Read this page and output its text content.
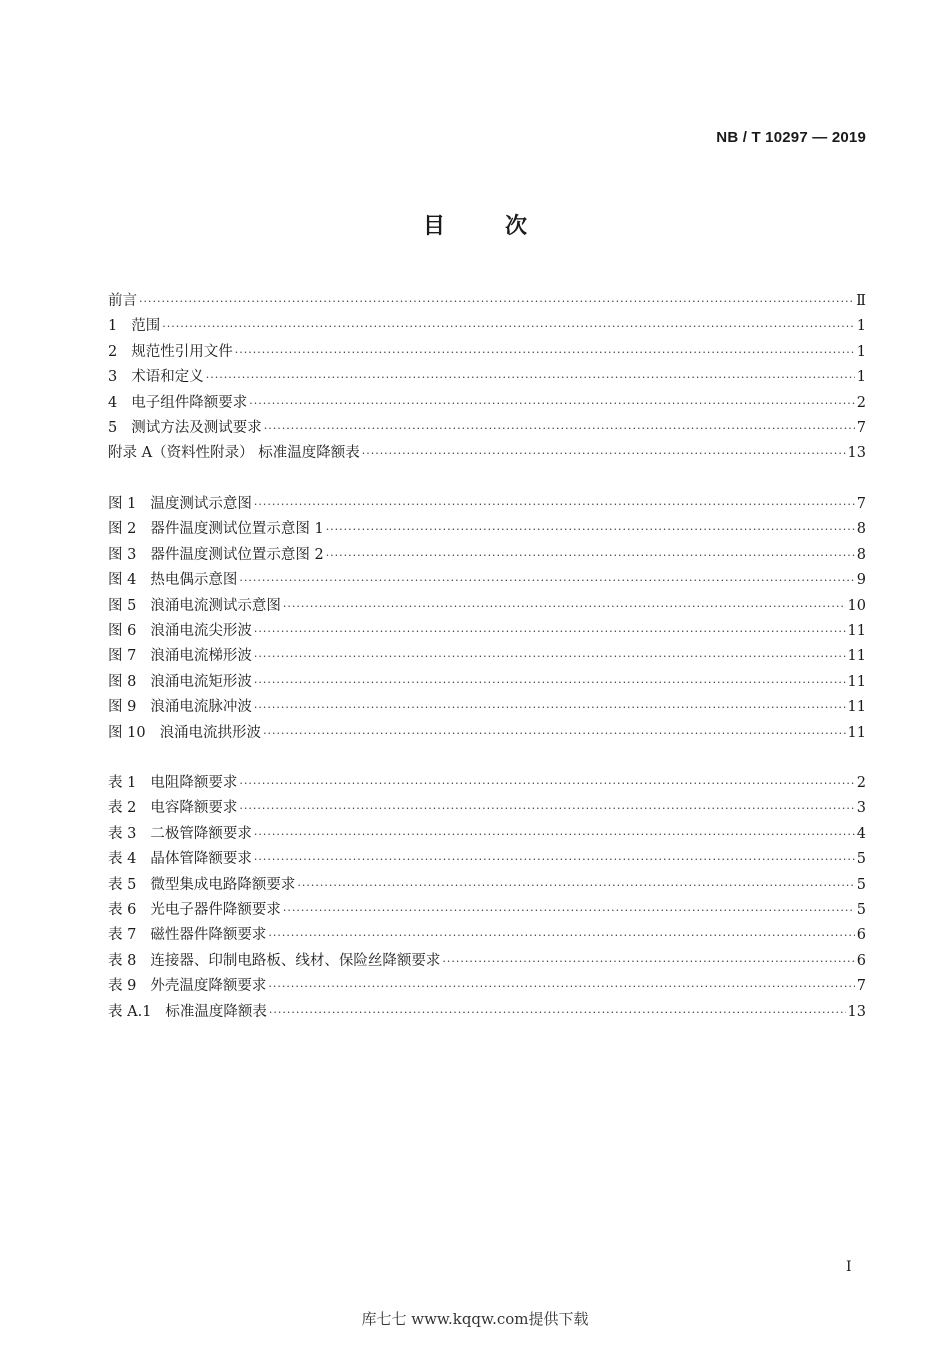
NB / T 10297 — 2019
目次
前言 ·····	Ⅱ
1 范围 ·····	1
2 规范性引用文件 ·····	1
3 术语和定义 ·····	1
4 电子组件降额要求 ·····	2
5 测试方法及测试要求 ·····	7
附录 A（资料性附录） 标准温度降额表 ·····	13
图 1 温度测试示意图 ·····	7
图 2 器件温度测试位置示意图 1 ·····	8
图 3 器件温度测试位置示意图 2 ·····	8
图 4 热电偶示意图 ·····	9
图 5 浪涌电流测试示意图 ·····	10
图 6 浪涌电流尖形波 ·····	11
图 7 浪涌电流梯形波 ·····	11
图 8 浪涌电流矩形波 ·····	11
图 9 浪涌电流脉冲波 ·····	11
图 10 浪涌电流拱形波 ·····	11
表 1 电阻降额要求 ·····	2
表 2 电容降额要求 ·····	3
表 3 二极管降额要求 ·····	4
表 4 晶体管降额要求 ·····	5
表 5 微型集成电路降额要求 ·····	5
表 6 光电子器件降额要求 ·····	5
表 7 磁性器件降额要求 ·····	6
表 8 连接器、印制电路板、线材、保险丝降额要求 ·····	6
表 9 外壳温度降额要求 ·····	7
表 A.1 标准温度降额表 ·····	13
I
库七七 www.kqqw.com提供下载
